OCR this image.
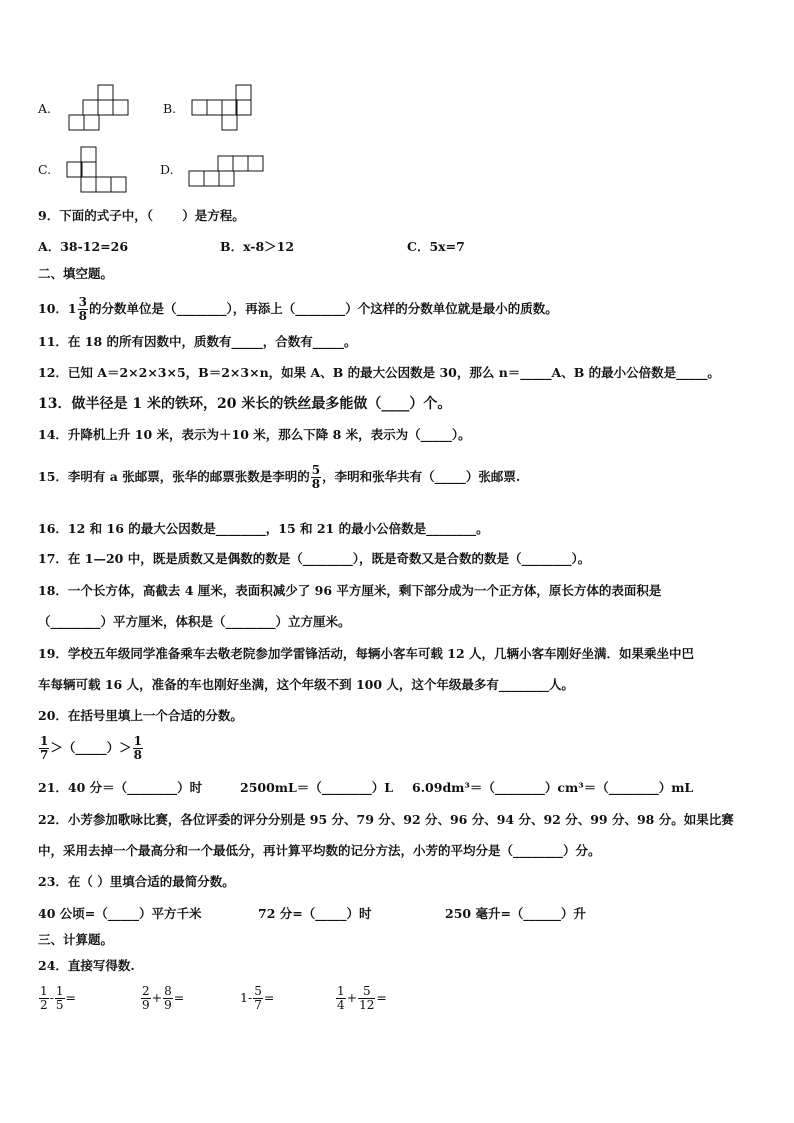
A.	B.
C.	D.
9．下面的式子中，（　　 ）是方程。
A．38-12=26	B．x-8＞12	C．5x=7
二、填空题。
10．$1 \frac{3}{8}$ 的分数单位是（________），再添上（________）个这样的分数单位就是最小的质数。
11．在 18 的所有因数中，质数有_____，合数有_____。
12．已知 A＝2×2×3×5，B＝2×3×n，如果 A、B 的最大公因数是 30，那么 n＝_____A、B 的最小公倍数是_____。
13．做半径是 1 米的铁环，20 米长的铁丝最多能做（____）个。
14．升降机上升 10 米，表示为＋10 米，那么下降 8 米，表示为（_____）。
15．李明有 a 张邮票，张华的邮票张数是李明的 $\frac{5}{8}$ ，李明和张华共有（_____）张邮票.
16．12 和 16 的最大公因数是________，15 和 21 的最小公倍数是________。
17．在 1—20 中，既是质数又是偶数的数是（________），既是奇数又是合数的数是（________）。
18．一个长方体，高截去 4 厘米，表面积减少了 96 平方厘米，剩下部分成为一个正方体，原长方体的表面积是
（________）平方厘米，体积是（________）立方厘米。
19．学校五年级同学准备乘车去敬老院参加学雷锋活动，每辆小客车可载 12 人，几辆小客车刚好坐满．如果乘坐中巴
车每辆可载 16 人，准备的车也刚好坐满，这个年级不到 100 人，这个年级最多有________人。
20．在括号里填上一个合适的分数。
$\frac{1}{7}$ ＞（_____）＞ $\frac{1}{8}$
21．40 分＝（________）时	2500mL＝（________）L 6.09dm³＝（________）cm³＝（________）mL
22．小芳参加歌咏比赛，各位评委的评分分别是 95 分、79 分、92 分、96 分、94 分、92 分、99 分、98 分。如果比赛
中，采用去掉一个最高分和一个最低分，再计算平均数的记分方法，小芳的平均分是（________）分。
23．在（ ）里填合适的最简分数。
40 公顷=（_____）平方千米	72 分=（_____）时	250 毫升=（______）升
三、计算题。
24．直接写得数.
$\frac{1}{2} - \frac{1}{5}$ =	$\frac{2}{9} + \frac{8}{9}$ =	$1- \frac{5}{7}$ =	$\frac{1}{4} + \frac{5}{12}$ =
